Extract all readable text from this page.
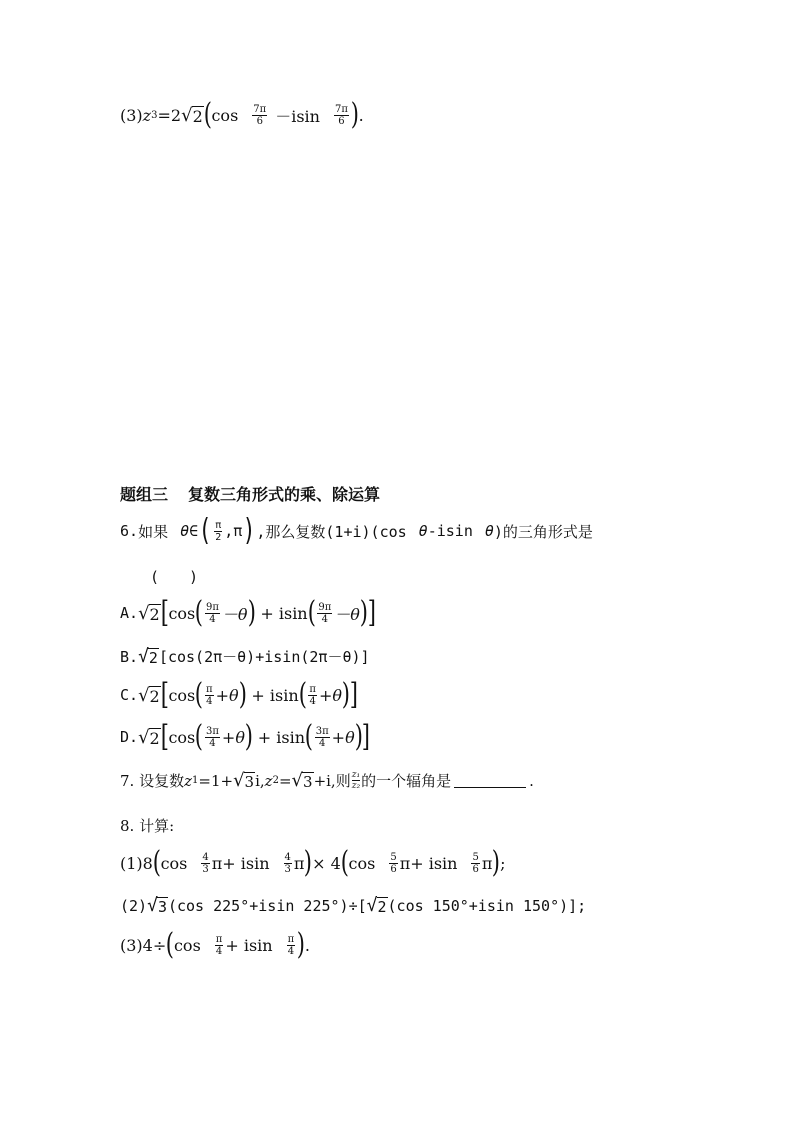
(3) z 3 =2 √ 2 ( $\cos \frac{7\pi}{6} -isin \frac{7\pi}{6}$ ) .
题组三 复数三角形式的乘、除运算
6. 如果 θ ∈ ( $\frac{\pi}{2} ,\pi$ ) ,那么复数(1+i)(cos θ -isin θ )的三角形式是
(　　)
A. √ 2 [ cos ( $\frac{9\pi}{4} -\theta$ ) + isin ( $\frac{9\pi}{4} -\theta$ ) ]
B. √ 2 [cos(2π－θ)+isin(2π－θ)]
C. √ 2 [ cos ( $\frac{\pi}{4} +\theta$ ) + isin ( $\frac{\pi}{4} +\theta$ ) ]
D. √ 2 [ cos ( $\frac{3\pi}{4} +\theta$ ) + isin ( $\frac{3\pi}{4} +\theta$ ) ]
7. 设复数 z 1 =1+ √ 3 i, z 2 = √ 3 +i,则 $\frac{\text{z₁}}{\text{z₂}}$ 的一个辐角是	.
8. 计算:
(1)8 ( $\cos \frac{4}{3}$ π + isin $\frac{4}{3}$ π ) × 4 ( $\cos \frac{5}{6}$ π + isin $\frac{5}{6}$ π ) ;
(2) √ 3 (cos 225°+isin 225°)÷[ √ 2 (cos 150°+isin 150°)];
(3)4÷ ( $\cos \frac{\pi}{4} + isin \frac{\pi}{4}$ ) .
